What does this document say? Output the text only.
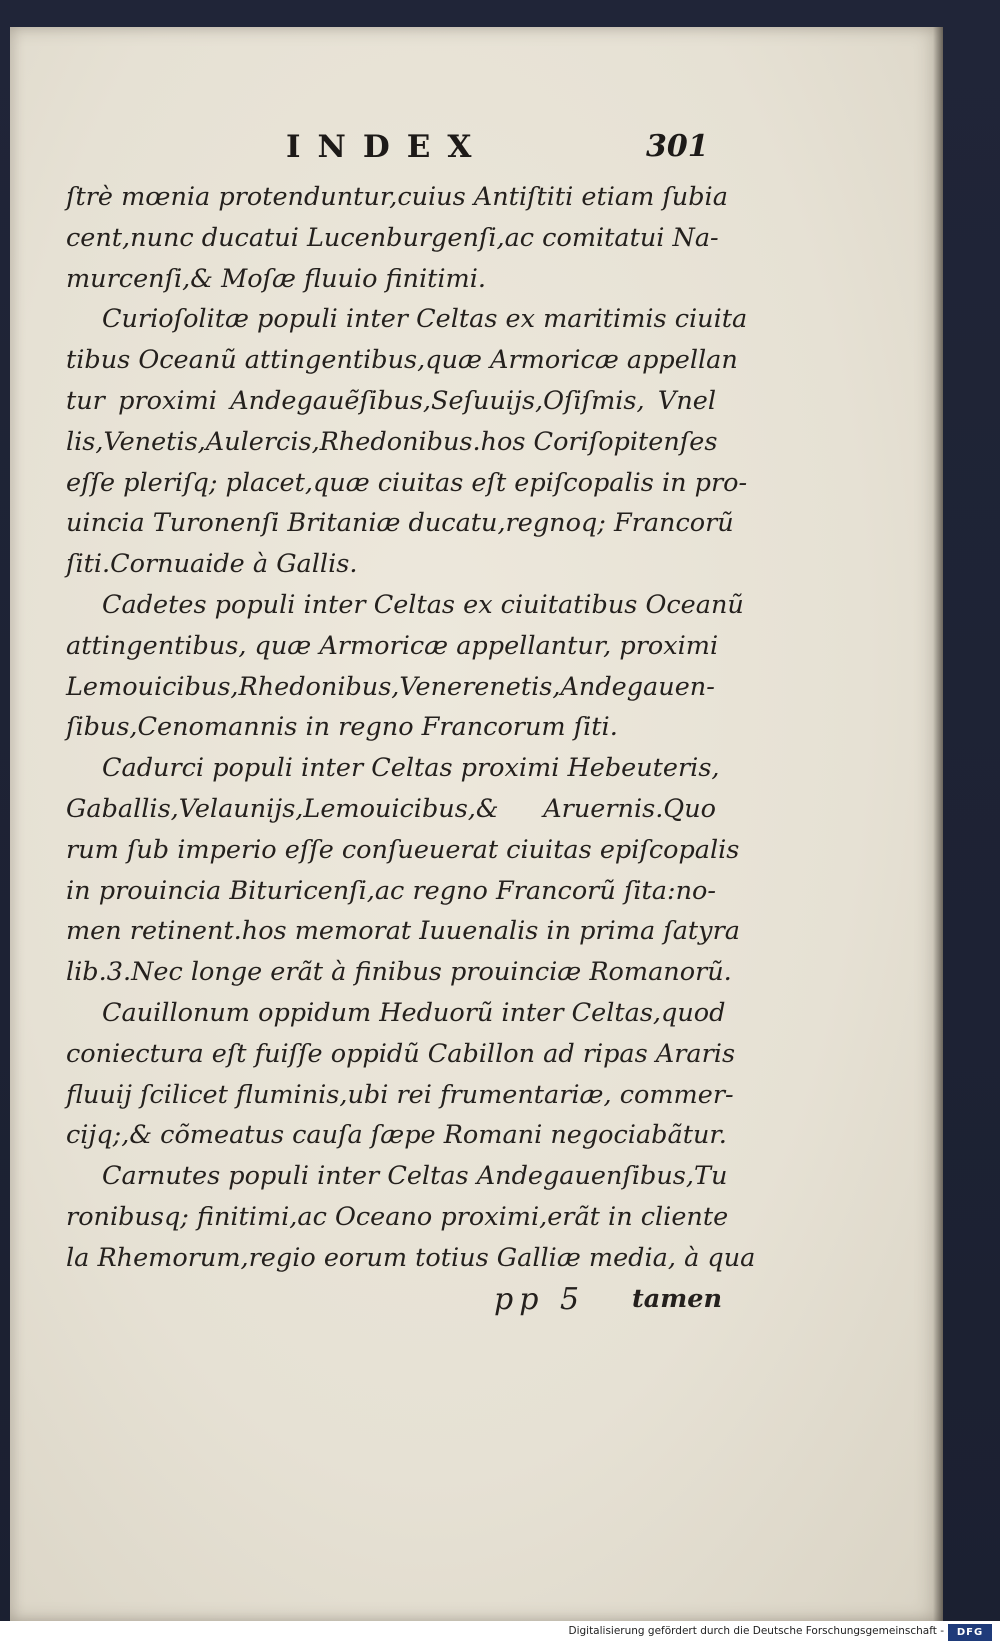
INDEX	301
ſtrè mœnia protenduntur,cuius Antiſtiti etiam ſubia
cent,nunc ducatui Lucenburgenſi,ac comitatui Na-
murcenſi,& Moſæ fluuio finitimi.
Curioſolitæ populi inter Celtas ex maritimis ciuita
tibus Oceanũ attingentibus,quæ Armoricæ appellan
tur proximi Andegauẽſibus,Seſuuijs,Oſiſmis, Vnel
lis,Venetis,Aulercis,Rhedonibus.hos Coriſopitenſes
eſſe pleriſq; placet,quæ ciuitas eſt epiſcopalis in pro-
uincia Turonenſi Britaniæ ducatu,regnoq; Francorũ
ſiti.Cornuaide à Gallis.
Cadetes populi inter Celtas ex ciuitatibus Oceanũ
attingentibus, quæ Armoricæ appellantur, proximi
Lemouicibus,Rhedonibus,Venerenetis,Andegauen-
ſibus,Cenomannis in regno Francorum ſiti.
Cadurci populi inter Celtas proximi Hebeuteris,
Gaballis,Velaunijs,Lemouicibus,& Aruernis.Quo
rum ſub imperio eſſe conſueuerat ciuitas epiſcopalis
in prouincia Bituricenſi,ac regno Francorũ ſita:no-
men retinent.hos memorat Iuuenalis in prima ſatyra
lib.3.Nec longe erãt à finibus prouinciæ Romanorũ.
Cauillonum oppidum Heduorũ inter Celtas,quod
coniectura eſt fuiſſe oppidũ Cabillon ad ripas Araris
fluuij ſcilicet fluminis,ubi rei frumentariæ, commer-
cijq;,& cõmeatus cauſa ſæpe Romani negociabãtur.
Carnutes populi inter Celtas Andegauenſibus,Tu
ronibusq; finitimi,ac Oceano proximi,erãt in cliente
la Rhemorum,regio eorum totius Galliæ media, à qua
pp 5 tamen
Digitalisierung gefördert durch die Deutsche Forschungsgemeinschaft -	DFG
